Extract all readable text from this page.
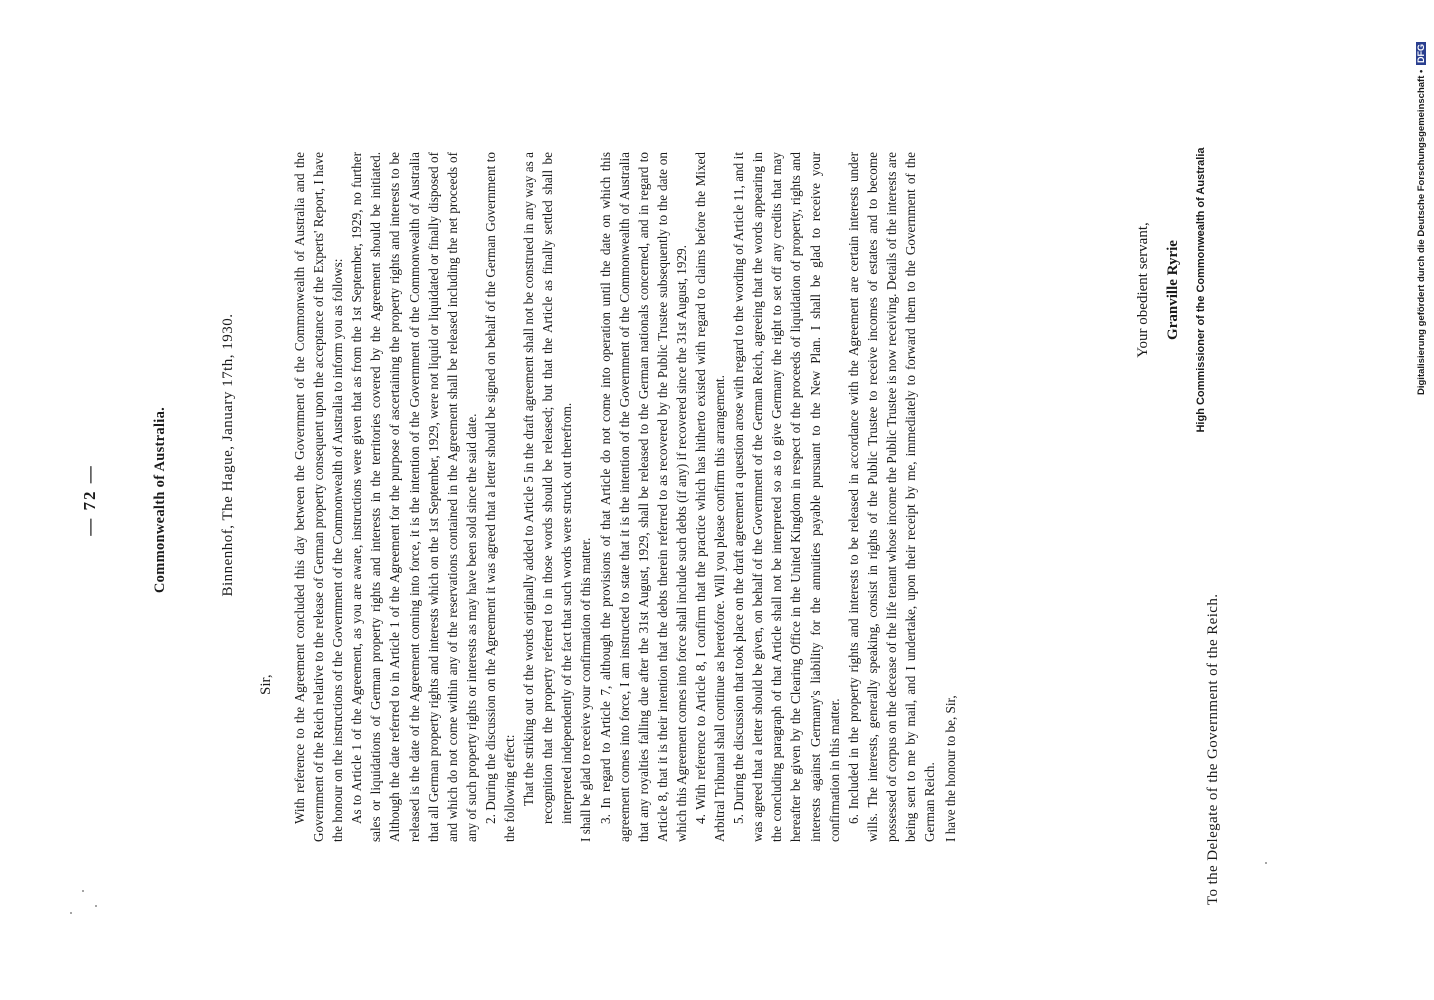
— 72 —	Commonwealth of Australia.	Binnenhof, The Hague, January 17th, 1930.
Sir, With reference to the Agreement concluded this day between the Government of the Commonwealth of Australia and the Government of the Reich relative to the release of German property consequent upon the acceptance of the Experts' Report, I have the honour on the instructions of the Government of the Commonwealth of Australia to inform you as follows: As to Article 1 of the Agreement, as you are aware, instructions were given that as from the 1st September, 1929, no further sales or liquidations of German property rights and interests in the territories covered by the Agreement should be initiated. Although the date referred to in Article 1 of the Agreement for the purpose of ascertaining the property rights and interests to be released is the date of the Agreement coming into force, it is the intention of the Government of the Commonwealth of Australia that all German property rights and interests which on the 1st September, 1929, were not liquid or liquidated or finally disposed of and which do not come within any of the reservations contained in the Agreement shall be released including the net proceeds of any of such property rights or interests as may have been sold since the said date. 2. During the discussion on the Agreement it was agreed that a letter should be signed on behalf of the German Government to the following effect: That the striking out of the words originally added to Article 5 in the draft agreement shall not be construed in any way as a recognition that the property referred to in those words should be released; but that the Article as finally settled shall be interpreted independently of the fact that such words were struck out therefrom. I shall be glad to receive your confirmation of this matter. 3. In regard to Article 7, although the provisions of that Article do not come into operation until the date on which this agreement comes into force, I am instructed to state that it is the intention of the Government of the Commonwealth of Australia that any royalties falling due after the 31st August, 1929, shall be released to the German nationals concerned, and in regard to Article 8, that it is their intention that the debts therein referred to as recovered by the Public Trustee subsequently to the date on which this Agreement comes into force shall include such debts (if any) if recovered since the 31st August, 1929. 4. With reference to Article 8, I confirm that the practice which has hitherto existed with regard to claims before the Mixed Arbitral Tribunal shall continue as heretofore. Will you please confirm this arrangement. 5. During the discussion that took place on the draft agreement a question arose with regard to the wording of Article 11, and it was agreed that a letter should be given, on behalf of the Government of the German Reich, agreeing that the words appearing in the concluding paragraph of that Article shall not be interpreted so as to give Germany the right to set off any credits that may hereafter be given by the Clearing Office in the United Kingdom in respect of the proceeds of liquidation of property, rights and interests against Germany's liability for the annuities payable pursuant to the New Plan. I shall be glad to receive your confirmation in this matter. 6. Included in the property rights and interests to be released in accordance with the Agreement are certain interests under wills. The interests, generally speaking, consist in rights of the Public Trustee to receive incomes of estates and to become possessed of corpus on the decease of the life tenant whose income the Public Trustee is now receiving. Details of the interests are being sent to me by mail, and I undertake, upon their receipt by me, immediately to forward them to the Government of the German Reich. I have the honour to be, Sir,

Your obedient servant, Granville Ryrie	High Commissioner of the Commonwealth of Australia
To the Delegate of the Government of the Reich.
Digitalisierung gefördert durch die Deutsche Forschungsgemeinschaft • DFG
